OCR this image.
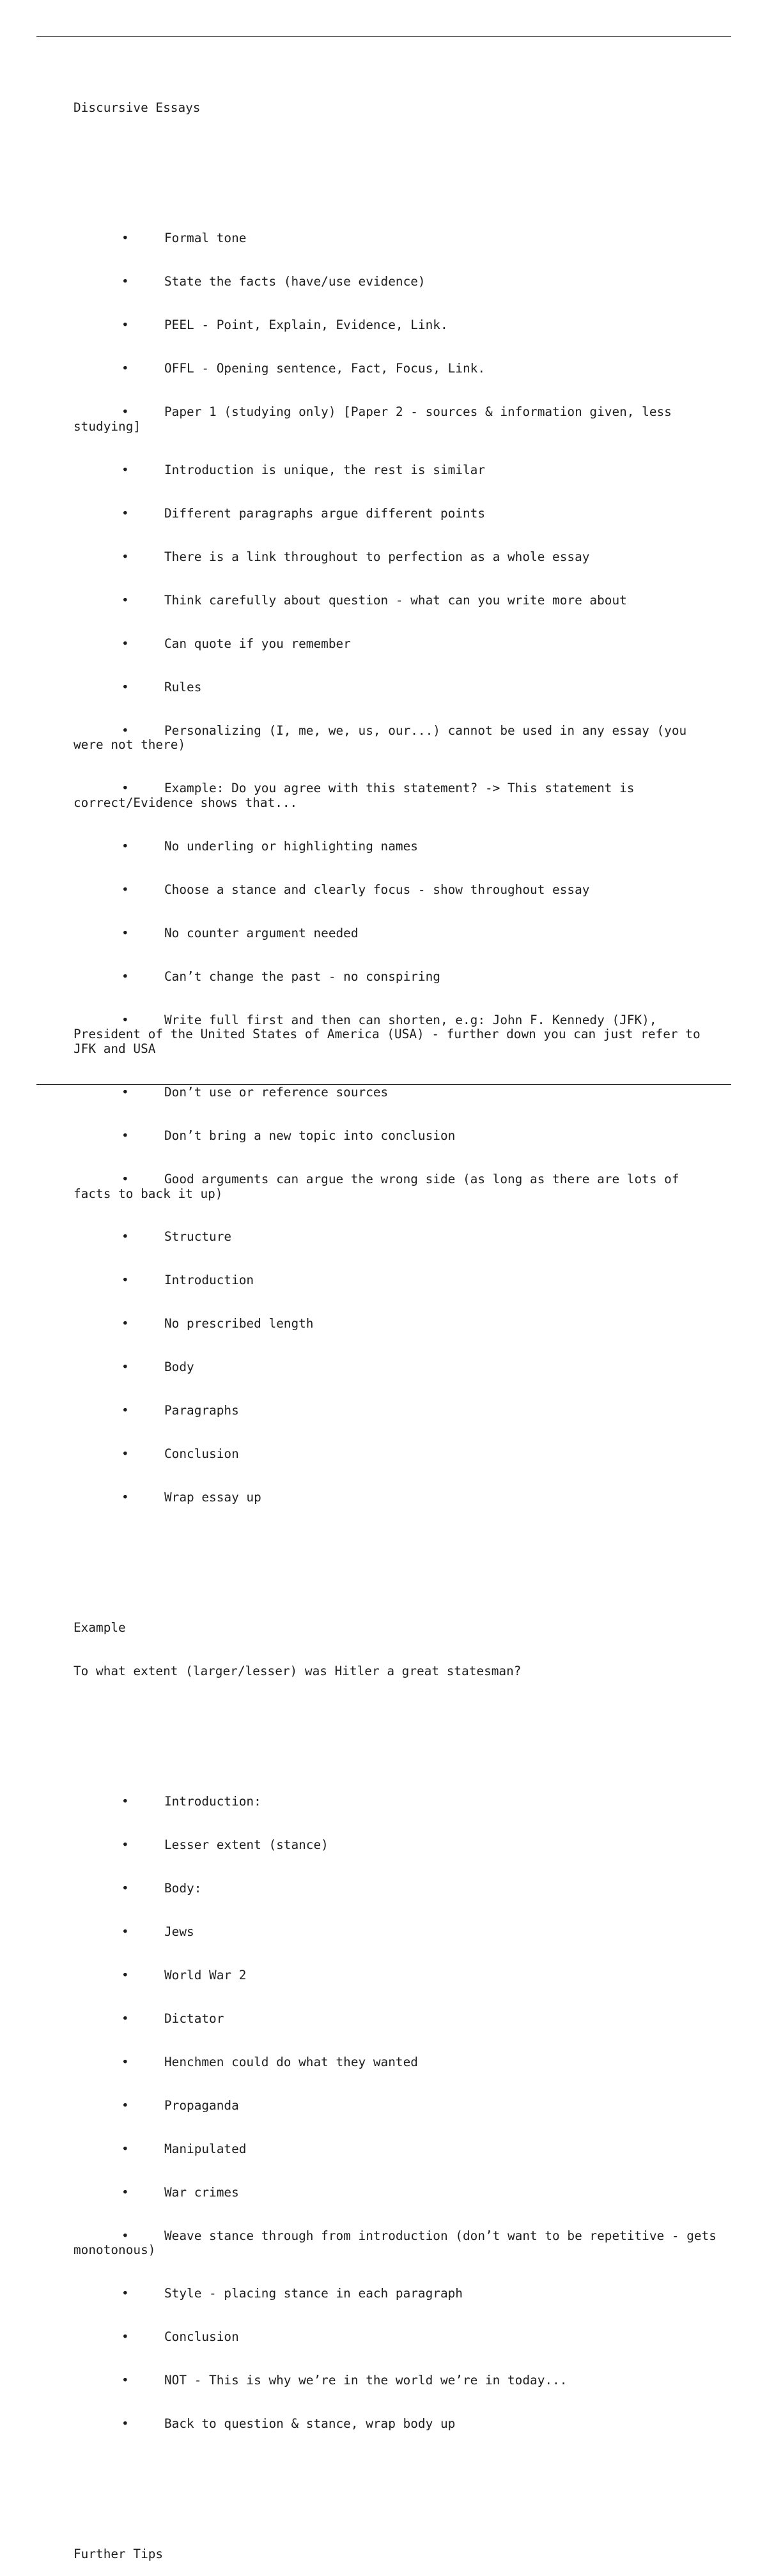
Discursive Essays

•	Formal tone

•	State the facts (have/use evidence)

•	PEEL - Point, Explain, Evidence, Link.

•	OFFL - Opening sentence, Fact, Focus, Link.

•	Paper 1 (studying only) [Paper 2 - sources & information given, less studying]

•	Introduction is unique, the rest is similar

•	Different paragraphs argue different points

•	There is a link throughout to perfection as a whole essay

•	Think carefully about question - what can you write more about

•	Can quote if you remember

•	Rules

•	Personalizing (I, me, we, us, our...) cannot be used in any essay (you were not there)

•	Example: Do you agree with this statement? -> This statement is correct/Evidence shows that...

•	No underling or highlighting names

•	Choose a stance and clearly focus - show throughout essay

•	No counter argument needed

•	Can’t change the past - no conspiring

•	Write full first and then can shorten, e.g: John F. Kennedy (JFK), President of the United States of America (USA) - further down you can just refer to JFK and USA

•	Don’t use or reference sources

•	Don’t bring a new topic into conclusion

•	Good arguments can argue the wrong side (as long as there are lots of facts to back it up)

•	Structure

•	Introduction

•	No prescribed length

•	Body

•	Paragraphs

•	Conclusion

•	Wrap essay up

Example

To what extent (larger/lesser) was Hitler a great statesman?

•	Introduction:

•	Lesser extent (stance)

•	Body:

•	Jews

•	World War 2

•	Dictator

•	Henchmen could do what they wanted

•	Propaganda

•	Manipulated

•	War crimes

•	Weave stance through from introduction (don’t want to be repetitive - gets monotonous)

•	Style - placing stance in each paragraph

•	Conclusion

•	NOT - This is why we’re in the world we’re in today...

•	Back to question & stance, wrap body up

Further Tips
